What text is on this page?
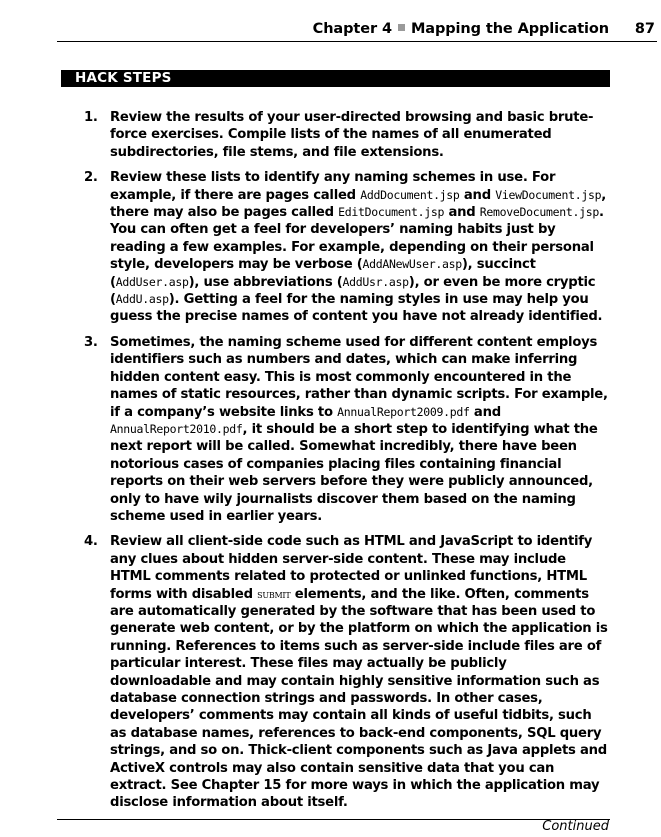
Chapter 4 Mapping the Application 87
HACK STEPS
1. Review the results of your user-directed browsing and basic brute-force exercises. Compile lists of the names of all enumerated subdirectories, file stems, and file extensions.
2. Review these lists to identify any naming schemes in use. For example, if there are pages called AddDocument.jsp and ViewDocument.jsp, there may also be pages called EditDocument.jsp and RemoveDocument.jsp. You can often get a feel for developers’ naming habits just by reading a few examples. For example, depending on their personal style, developers may be verbose (AddANewUser.asp), succinct (AddUser.asp), use abbreviations (AddUsr.asp), or even be more cryptic (AddU.asp). Getting a feel for the naming styles in use may help you guess the precise names of content you have not already identified.
3. Sometimes, the naming scheme used for different content employs identifiers such as numbers and dates, which can make inferring hidden content easy. This is most commonly encountered in the names of static resources, rather than dynamic scripts. For example, if a company’s website links to AnnualReport2009.pdf and AnnualReport2010.pdf, it should be a short step to identifying what the next report will be called. Somewhat incredibly, there have been notorious cases of companies placing files containing financial reports on their web servers before they were publicly announced, only to have wily journalists discover them based on the naming scheme used in earlier years.
4. Review all client-side code such as HTML and JavaScript to identify any clues about hidden server-side content. These may include HTML comments related to protected or unlinked functions, HTML forms with disabled submit elements, and the like. Often, comments are automatically generated by the software that has been used to generate web content, or by the platform on which the application is running. References to items such as server-side include files are of particular interest. These files may actually be publicly downloadable and may contain highly sensitive information such as database connection strings and passwords. In other cases, developers’ comments may contain all kinds of useful tidbits, such as database names, references to back-end components, SQL query strings, and so on. Thick-client components such as Java applets and ActiveX controls may also contain sensitive data that you can extract. See Chapter 15 for more ways in which the application may disclose information about itself.
Continued
